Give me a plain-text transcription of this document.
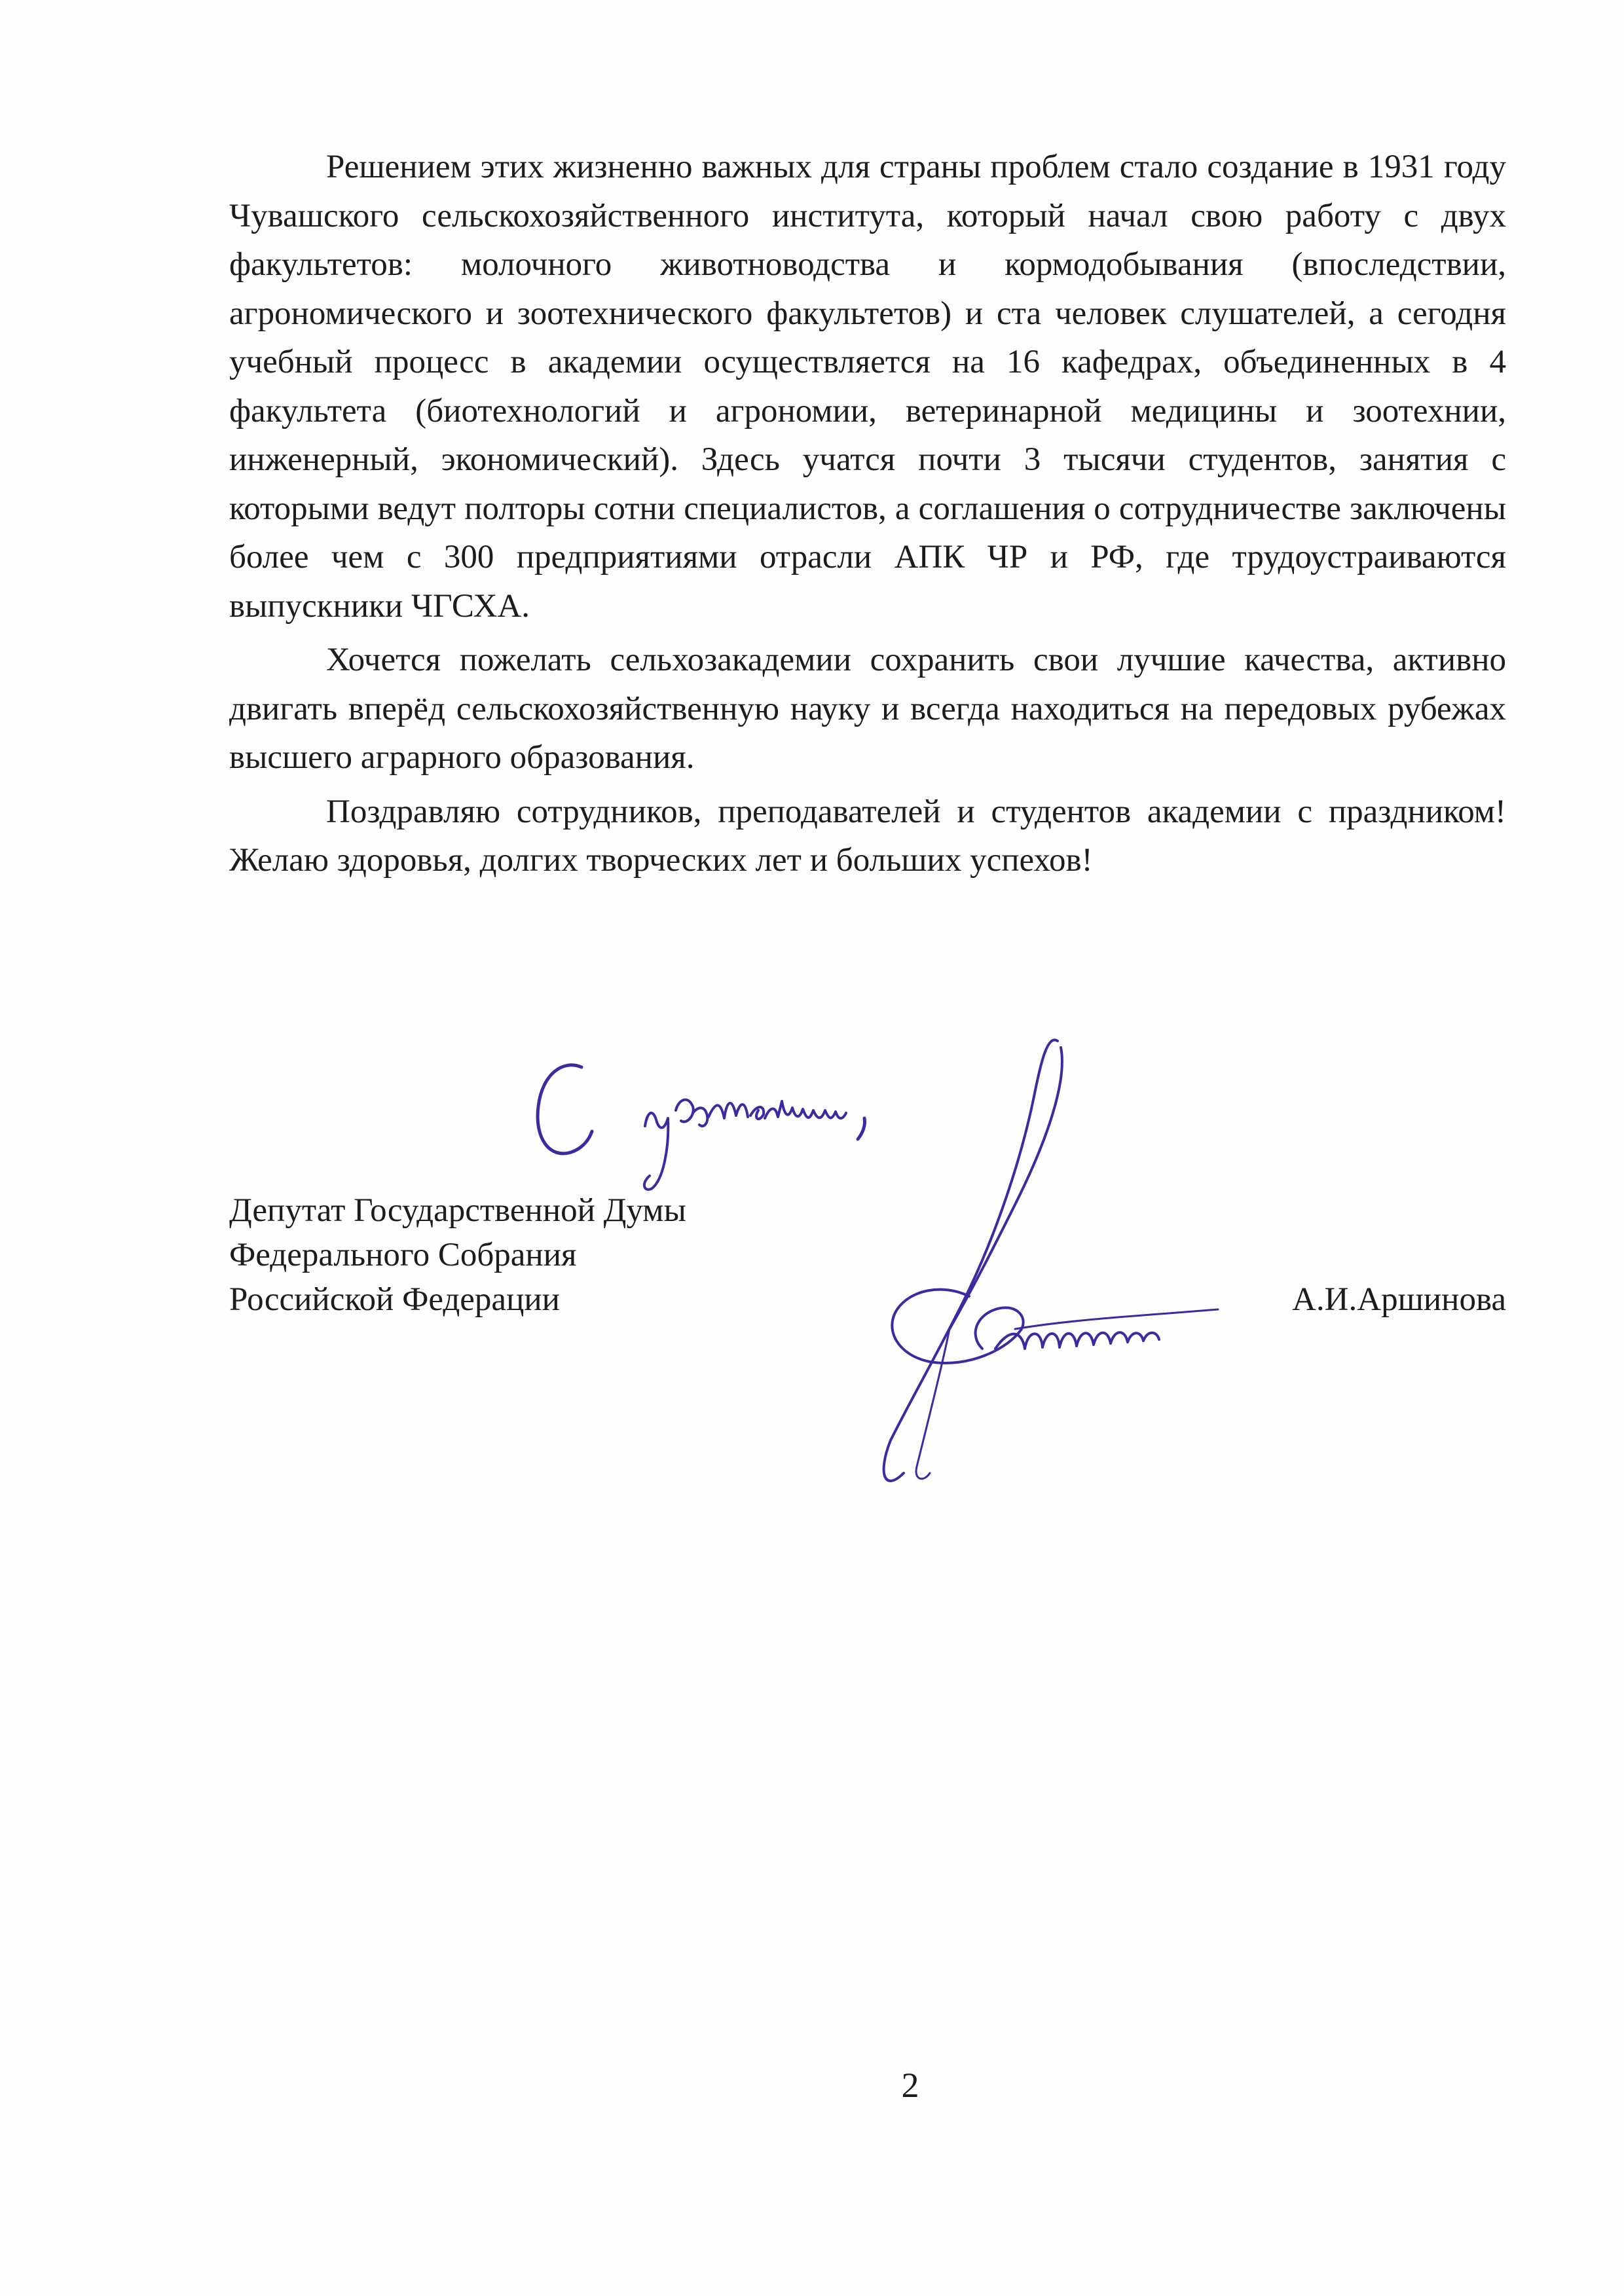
Решением этих жизненно важных для страны проблем стало создание в 1931 году Чувашского сельскохозяйственного института, который начал свою работу с двух факультетов: молочного животноводства и кормодобывания (впоследствии, агрономического и зоотехнического факультетов) и ста человек слушателей, а сегодня учебный процесс в академии осуществляется на 16 кафедрах, объединенных в 4 факультета (биотехнологий и агрономии, ветеринарной медицины и зоотехнии, инженерный, экономический). Здесь учатся почти 3 тысячи студентов, занятия с которыми ведут полторы сотни специалистов, а соглашения о сотрудничестве заключены более чем с 300 предприятиями отрасли АПК ЧР и РФ, где трудоустраиваются выпускники ЧГСХА.

Хочется пожелать сельхозакадемии сохранить свои лучшие качества, активно двигать вперёд сельскохозяйственную науку и всегда находиться на передовых рубежах высшего аграрного образования.

Поздравляю сотрудников, преподавателей и студентов академии с праздником! Желаю здоровья, долгих творческих лет и больших успехов!

Депутат Государственной Думы
Федерального Собрания
Российской Федерации	А.И.Аршинова
2
